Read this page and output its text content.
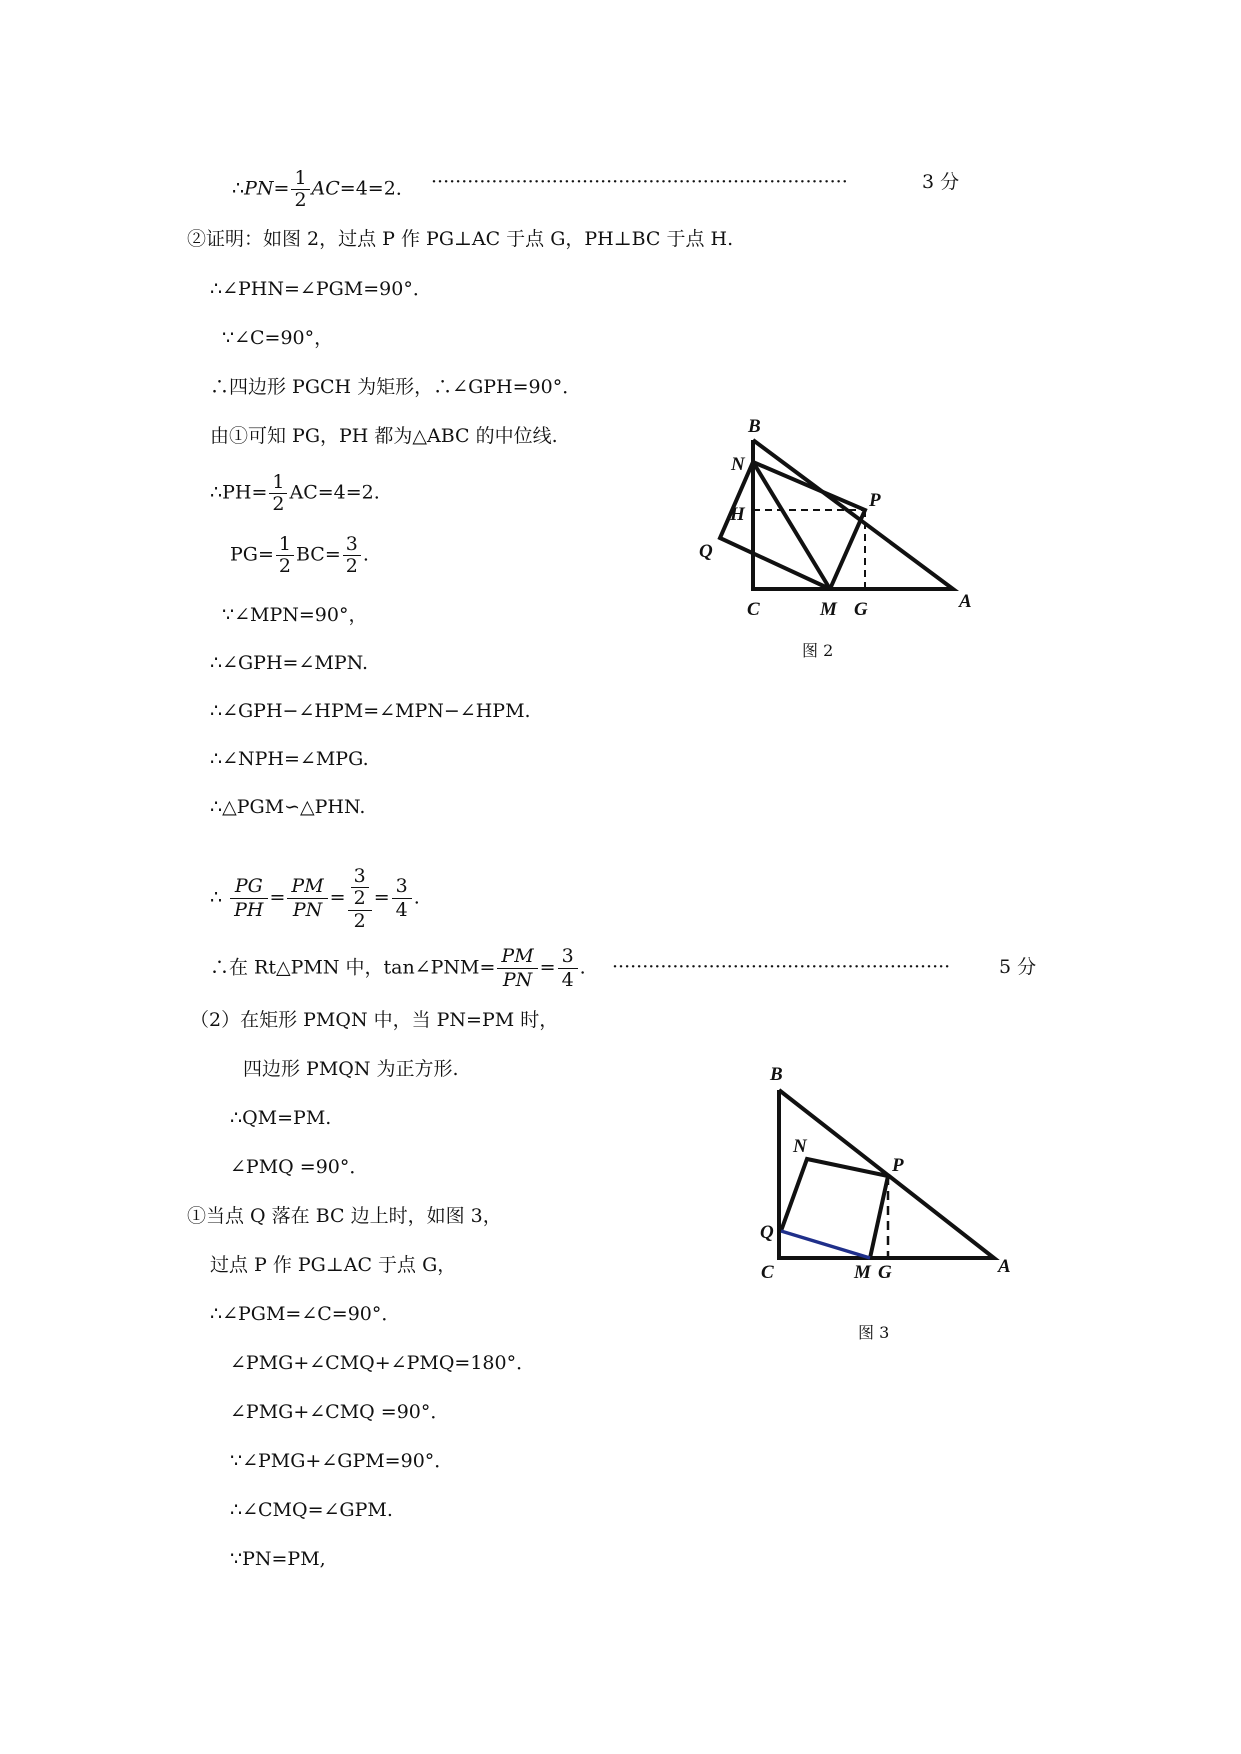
∴PN= $\frac{1}{2} AC=4=2$． ·····································································	3 分
②证明：如图 2，过点 P 作 PG⊥AC 于点 G，PH⊥BC 于点 H.
∴∠PHN=∠PGM=90°．
∵∠C=90°，
∴四边形 PGCH 为矩形，∴∠GPH=90°．
由①可知 PG，PH 都为△ABC 的中位线.
∴PH= $\frac{1}{2} AC=4=2$.
$PG= \frac{1}{2} BC= \frac{3}{2}$ .
∵∠MPN=90°，
∴∠GPH=∠MPN.
∴∠GPH−∠HPM=∠MPN−∠HPM.
∴∠NPH=∠MPG.
∴△PGM∽△PHN.
∴ $\frac{PG}{PH} = \frac{PM}{PN} = \frac{\frac{3}{2}}{2} = \frac{3}{4}$ .
∴在 Rt△PMN 中，tan∠PNM= $\frac{PM}{PN} = \frac{3}{4}$ . ························································	5 分
（2）在矩形 PMQN 中，当 PN=PM 时，
四边形 PMQN 为正方形.
∴QM=PM.
∠PMQ =90°．
①当点 Q 落在 BC 边上时，如图 3，
过点 P 作 PG⊥AC 于点 G，
∴∠PGM=∠C=90°．
∠PMG+∠CMQ+∠PMQ=180°．
∠PMG+∠CMQ =90°．
∵∠PMG+∠GPM=90°．
∴∠CMQ=∠GPM.
∵PN=PM,
B
N
P
H
Q
C	M G	A
图 2
B
N
P
Q
C	M G	A
图 3
